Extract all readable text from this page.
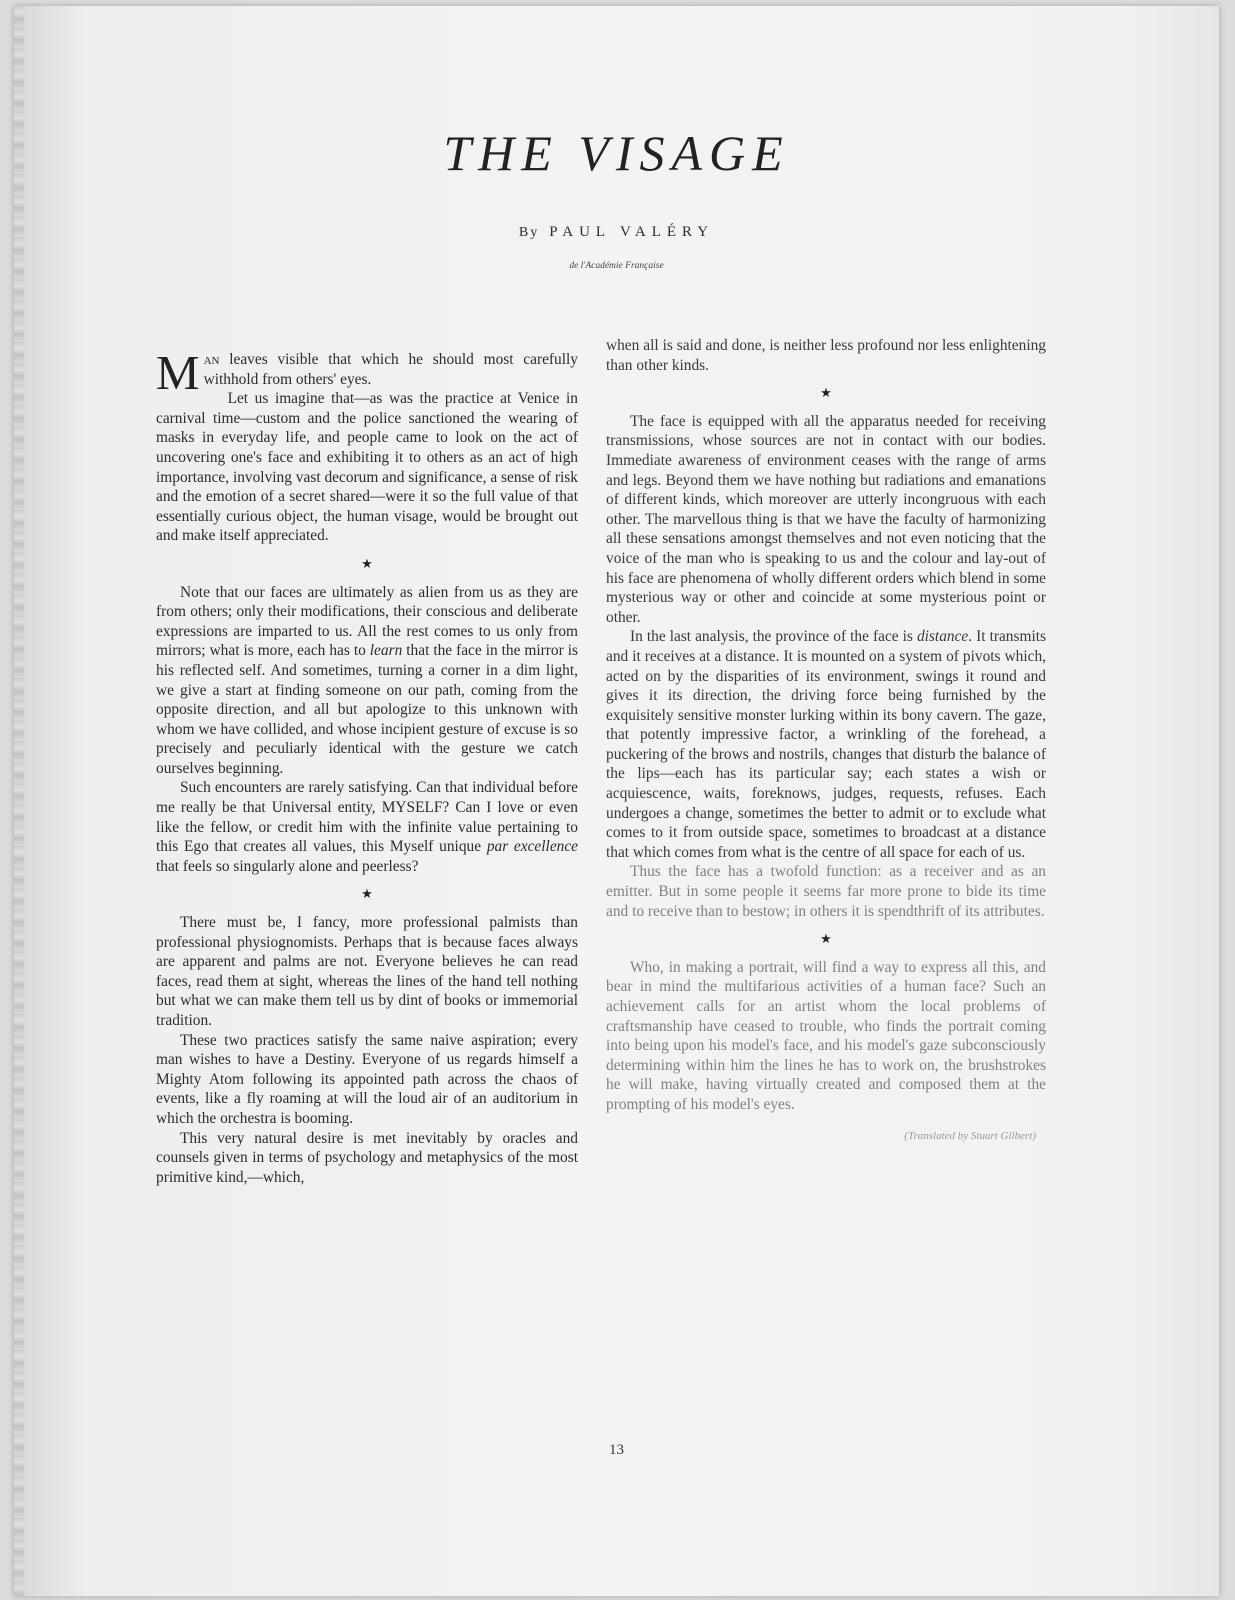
THE VISAGE
By PAUL VALÉRY
de l'Académie Française

Man leaves visible that which he should most carefully withhold from others' eyes.

Let us imagine that—as was the practice at Venice in carnival time—custom and the police sanctioned the wearing of masks in everyday life, and people came to look on the act of uncovering one's face and exhibiting it to others as an act of high importance, involving vast decorum and significance, a sense of risk and the emotion of a secret shared—were it so the full value of that essentially curious object, the human visage, would be brought out and make itself appreciated.

★

Note that our faces are ultimately as alien from us as they are from others; only their modifications, their conscious and deliberate expressions are imparted to us. All the rest comes to us only from mirrors; what is more, each has to learn that the face in the mirror is his reflected self. And sometimes, turning a corner in a dim light, we give a start at finding someone on our path, coming from the opposite direction, and all but apologize to this unknown with whom we have collided, and whose incipient gesture of excuse is so precisely and peculiarly identical with the gesture we catch ourselves beginning.

Such encounters are rarely satisfying. Can that individual before me really be that Universal entity, MYSELF? Can I love or even like the fellow, or credit him with the infinite value pertaining to this Ego that creates all values, this Myself unique par excellence that feels so singularly alone and peerless?

★

There must be, I fancy, more professional palmists than professional physiognomists. Perhaps that is because faces always are apparent and palms are not. Everyone believes he can read faces, read them at sight, whereas the lines of the hand tell nothing but what we can make them tell us by dint of books or immemorial tradition.

These two practices satisfy the same naive aspiration; every man wishes to have a Destiny. Everyone of us regards himself a Mighty Atom following its appointed path across the chaos of events, like a fly roaming at will the loud air of an auditorium in which the orchestra is booming.

This very natural desire is met inevitably by oracles and counsels given in terms of psychology and metaphysics of the most primitive kind,—which,

when all is said and done, is neither less profound nor less enlightening than other kinds.

★

The face is equipped with all the apparatus needed for receiving transmissions, whose sources are not in contact with our bodies. Immediate awareness of environment ceases with the range of arms and legs. Beyond them we have nothing but radiations and emanations of different kinds, which moreover are utterly incongruous with each other. The marvellous thing is that we have the faculty of harmonizing all these sensations amongst themselves and not even noticing that the voice of the man who is speaking to us and the colour and lay-out of his face are phenomena of wholly different orders which blend in some mysterious way or other and coincide at some mysterious point or other.

In the last analysis, the province of the face is distance. It transmits and it receives at a distance. It is mounted on a system of pivots which, acted on by the disparities of its environment, swings it round and gives it its direction, the driving force being furnished by the exquisitely sensitive monster lurking within its bony cavern. The gaze, that potently impressive factor, a wrinkling of the forehead, a puckering of the brows and nostrils, changes that disturb the balance of the lips—each has its particular say; each states a wish or acquiescence, waits, foreknows, judges, requests, refuses. Each undergoes a change, sometimes the better to admit or to exclude what comes to it from outside space, sometimes to broadcast at a distance that which comes from what is the centre of all space for each of us.

Thus the face has a twofold function: as a receiver and as an emitter. But in some people it seems far more prone to bide its time and to receive than to bestow; in others it is spendthrift of its attributes.

★

Who, in making a portrait, will find a way to express all this, and bear in mind the multifarious activities of a human face? Such an achievement calls for an artist whom the local problems of craftsmanship have ceased to trouble, who finds the portrait coming into being upon his model's face, and his model's gaze subconsciously determining within him the lines he has to work on, the brushstrokes he will make, having virtually created and composed them at the prompting of his model's eyes.

(Translated by Stuart Gilbert)
13
